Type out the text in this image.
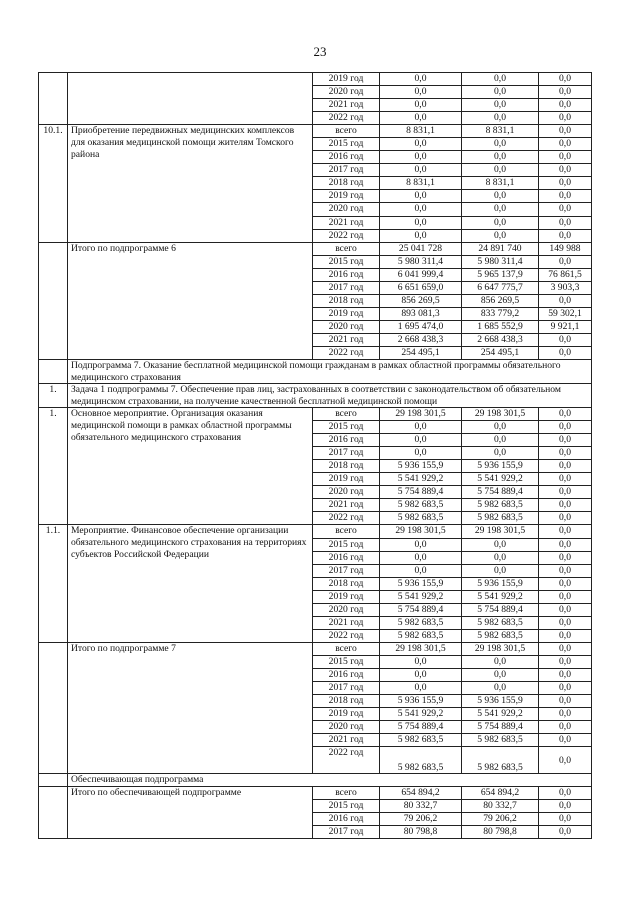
23
		2019 год	0,0	0,0	0,0
		2020 год	0,0	0,0	0,0
		2021 год	0,0	0,0	0,0
		2022 год	0,0	0,0	0,0
10.1.	Приобретение передвижных медицинских комплексов для оказания медицинской помощи жителям Томского района	всего	8 831,1	8 831,1	0,0
		2015 год	0,0	0,0	0,0
		2016 год	0,0	0,0	0,0
		2017 год	0,0	0,0	0,0
		2018 год	8 831,1	8 831,1	0,0
		2019 год	0,0	0,0	0,0
		2020 год	0,0	0,0	0,0
		2021 год	0,0	0,0	0,0
		2022 год	0,0	0,0	0,0
	Итого по подпрограмме 6	всего	25 041 728	24 891 740	149 988
		2015 год	5 980 311,4	5 980 311,4	0,0
		2016 год	6 041 999,4	5 965 137,9	76 861,5
		2017 год	6 651 659,0	6 647 775,7	3 903,3
		2018 год	856 269,5	856 269,5	0,0
		2019 год	893 081,3	833 779,2	59 302,1
		2020 год	1 695 474,0	1 685 552,9	9 921,1
		2021 год	2 668 438,3	2 668 438,3	0,0
		2022 год	254 495,1	254 495,1	0,0
	Подпрограмма 7. Оказание бесплатной медицинской помощи гражданам в рамках областной программы обязательного медицинского страхования				
1.	Задача 1 подпрограммы 7. Обеспечение прав лиц, застрахованных в соответствии с законодательством об обязательном медицинском страховании, на получение качественной бесплатной медицинской помощи				
1.	Основное мероприятие. Организация оказания медицинской помощи в рамках областной программы обязательного медицинского страхования	всего	29 198 301,5	29 198 301,5	0,0
		2015 год	0,0	0,0	0,0
		2016 год	0,0	0,0	0,0
		2017 год	0,0	0,0	0,0
		2018 год	5 936 155,9	5 936 155,9	0,0
		2019 год	5 541 929,2	5 541 929,2	0,0
		2020 год	5 754 889,4	5 754 889,4	0,0
		2021 год	5 982 683,5	5 982 683,5	0,0
		2022 год	5 982 683,5	5 982 683,5	0,0
1.1.	Мероприятие. Финансовое обеспечение организации обязательного медицинского страхования на территориях субъектов Российской Федерации	всего	29 198 301,5	29 198 301,5	0,0
		2015 год	0,0	0,0	0,0
		2016 год	0,0	0,0	0,0
		2017 год	0,0	0,0	0,0
		2018 год	5 936 155,9	5 936 155,9	0,0
		2019 год	5 541 929,2	5 541 929,2	0,0
		2020 год	5 754 889,4	5 754 889,4	0,0
		2021 год	5 982 683,5	5 982 683,5	0,0
		2022 год	5 982 683,5	5 982 683,5	0,0
	Итого по подпрограмме 7	всего	29 198 301,5	29 198 301,5	0,0
		2015 год	0,0	0,0	0,0
		2016 год	0,0	0,0	0,0
		2017 год	0,0	0,0	0,0
		2018 год	5 936 155,9	5 936 155,9	0,0
		2019 год	5 541 929,2	5 541 929,2	0,0
		2020 год	5 754 889,4	5 754 889,4	0,0
		2021 год	5 982 683,5	5 982 683,5	0,0
		2022 год	5 982 683,5	5 982 683,5	0,0
	Обеспечивающая подпрограмма				
	Итого по обеспечивающей подпрограмме	всего	654 894,2	654 894,2	0,0
		2015 год	80 332,7	80 332,7	0,0
		2016 год	79 206,2	79 206,2	0,0
		2017 год	80 798,8	80 798,8	0,0
